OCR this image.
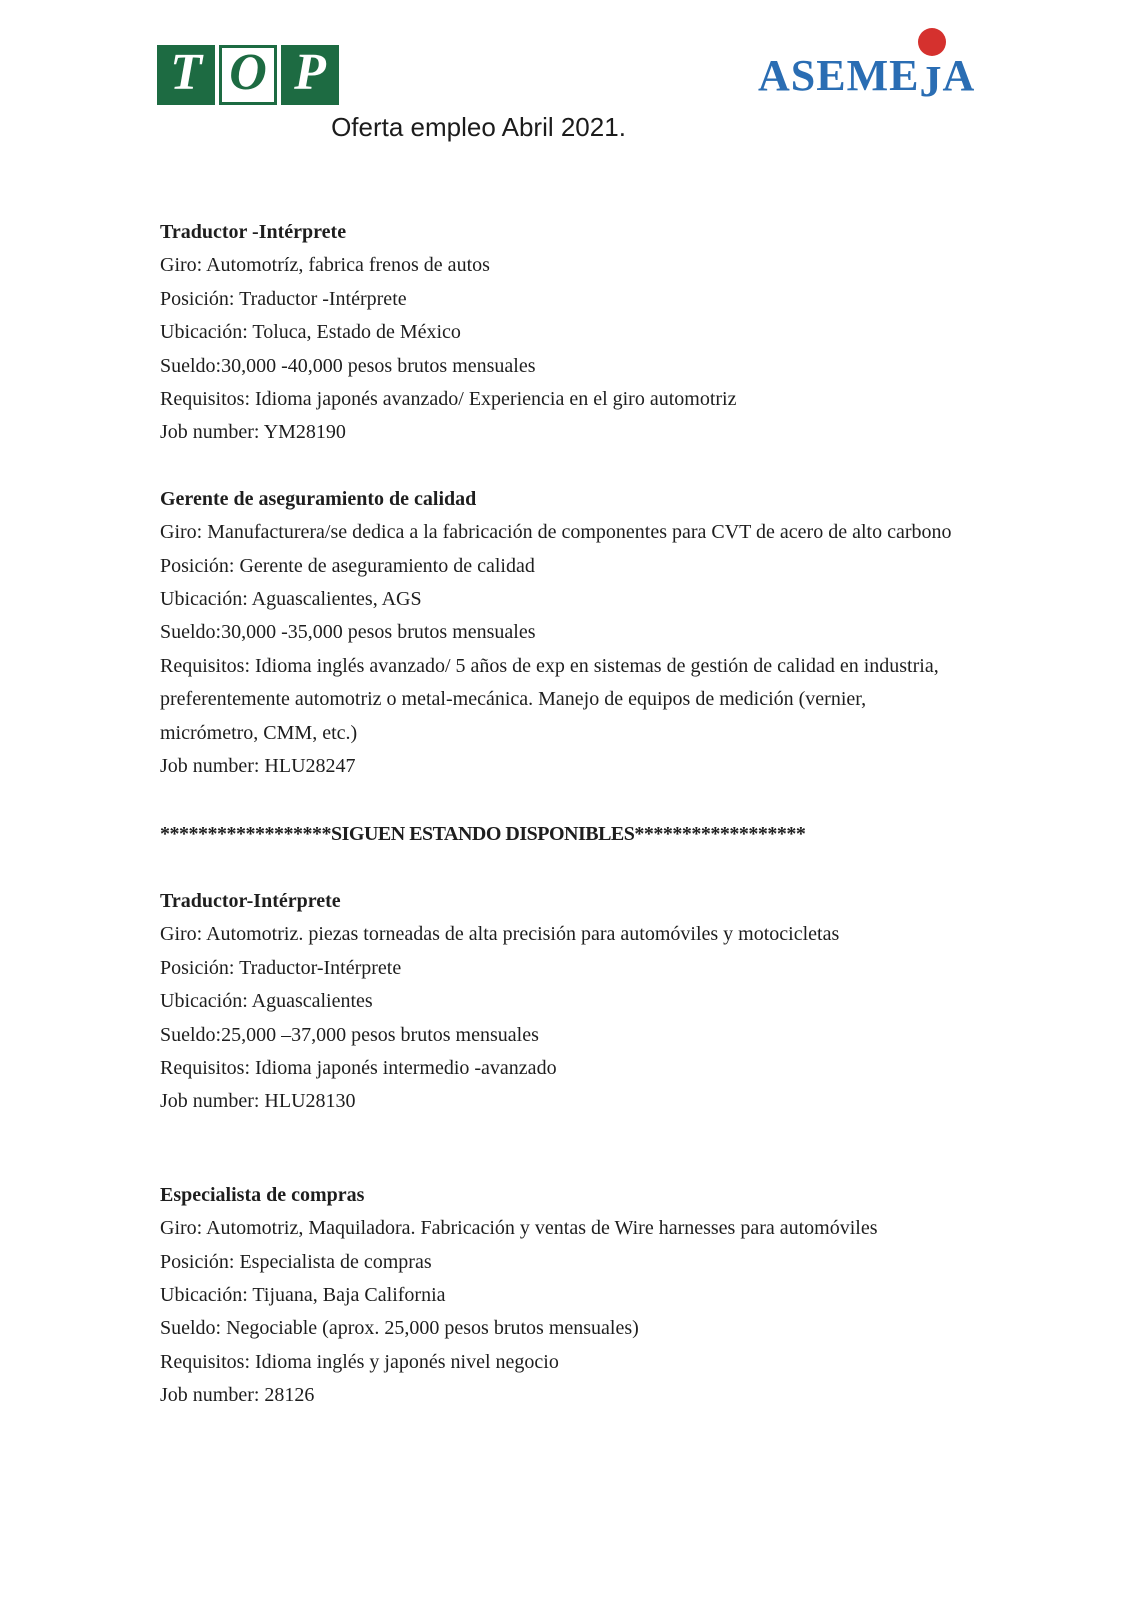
T O P	ASEMEJA
Oferta empleo Abril 2021.
Traductor -Intérprete

Giro: Automotríz, fabrica frenos de autos

Posición: Traductor -Intérprete

Ubicación: Toluca, Estado de México

Sueldo:30,000 -40,000 pesos brutos mensuales

Requisitos: Idioma japonés avanzado/ Experiencia en el giro automotriz

Job number: YM28190

Gerente de aseguramiento de calidad

Giro: Manufacturera/se dedica a la fabricación de componentes para CVT de acero de alto carbono

Posición: Gerente de aseguramiento de calidad

Ubicación: Aguascalientes, AGS

Sueldo:30,000 -35,000 pesos brutos mensuales

Requisitos: Idioma inglés avanzado/ 5 años de exp en sistemas de gestión de calidad en industria, preferentemente automotriz o metal-mecánica. Manejo de equipos de medición (vernier, micrómetro, CMM, etc.)

Job number: HLU28247

******************SIGUEN ESTANDO DISPONIBLES******************

Traductor-Intérprete

Giro: Automotriz. piezas torneadas de alta precisión para automóviles y motocicletas

Posición: Traductor-Intérprete

Ubicación: Aguascalientes

Sueldo:25,000 –37,000 pesos brutos mensuales

Requisitos: Idioma japonés intermedio -avanzado

Job number: HLU28130

Especialista de compras

Giro: Automotriz, Maquiladora. Fabricación y ventas de Wire harnesses para automóviles

Posición: Especialista de compras

Ubicación: Tijuana, Baja California

Sueldo: Negociable (aprox. 25,000 pesos brutos mensuales)

Requisitos: Idioma inglés y japonés nivel negocio

Job number: 28126
